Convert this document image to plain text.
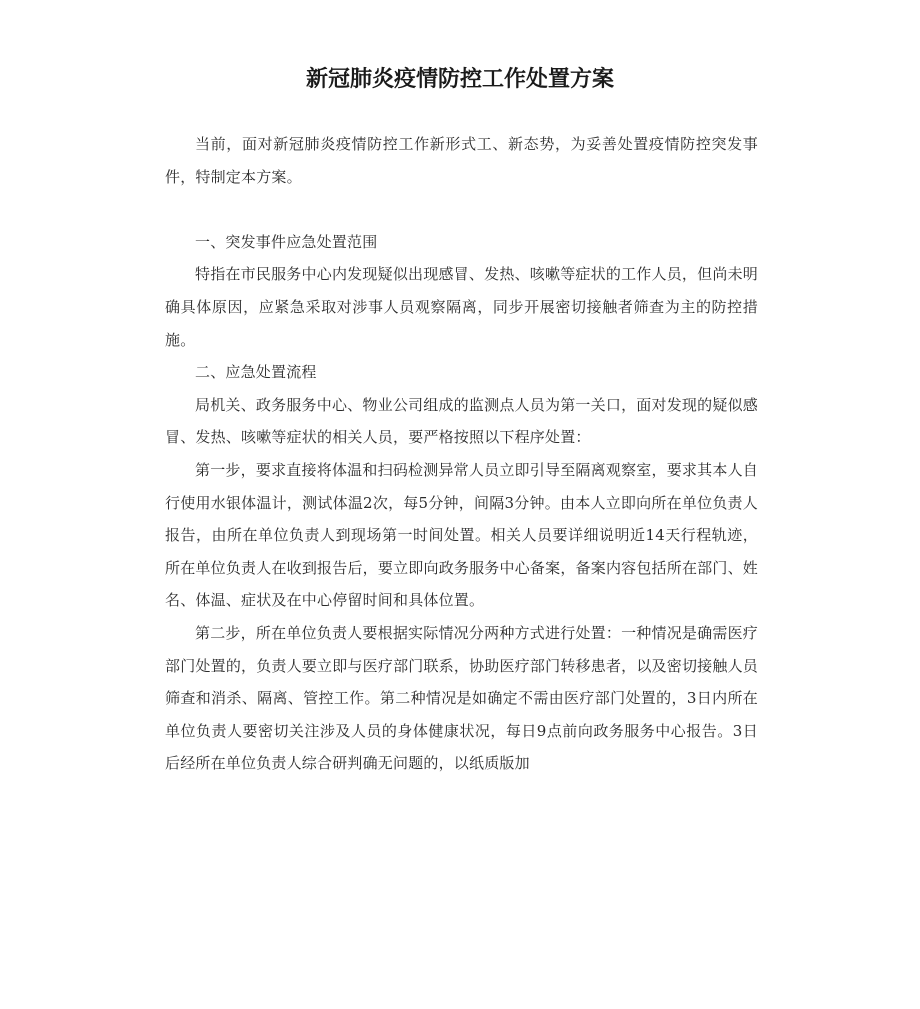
新冠肺炎疫情防控工作处置方案

当前，面对新冠肺炎疫情防控工作新形式工、新态势，为妥善处置疫情防控突发事件，特制定本方案。

一、突发事件应急处置范围

特指在市民服务中心内发现疑似出现感冒、发热、咳嗽等症状的工作人员，但尚未明确具体原因，应紧急采取对涉事人员观察隔离，同步开展密切接触者筛查为主的防控措施。

二、应急处置流程

局机关、政务服务中心、物业公司组成的监测点人员为第一关口，面对发现的疑似感冒、发热、咳嗽等症状的相关人员，要严格按照以下程序处置：

第一步，要求直接将体温和扫码检测异常人员立即引导至隔离观察室，要求其本人自行使用水银体温计，测试体温2次，每5分钟，间隔3分钟。由本人立即向所在单位负责人报告，由所在单位负责人到现场第一时间处置。相关人员要详细说明近14天行程轨迹，所在单位负责人在收到报告后，要立即向政务服务中心备案，备案内容包括所在部门、姓名、体温、症状及在中心停留时间和具体位置。

第二步，所在单位负责人要根据实际情况分两种方式进行处置：一种情况是确需医疗部门处置的，负责人要立即与医疗部门联系，协助医疗部门转移患者，以及密切接触人员筛查和消杀、隔离、管控工作。第二种情况是如确定不需由医疗部门处置的，3日内所在单位负责人要密切关注涉及人员的身体健康状况，每日9点前向政务服务中心报告。3日后经所在单位负责人综合研判确无问题的，以纸质版加
